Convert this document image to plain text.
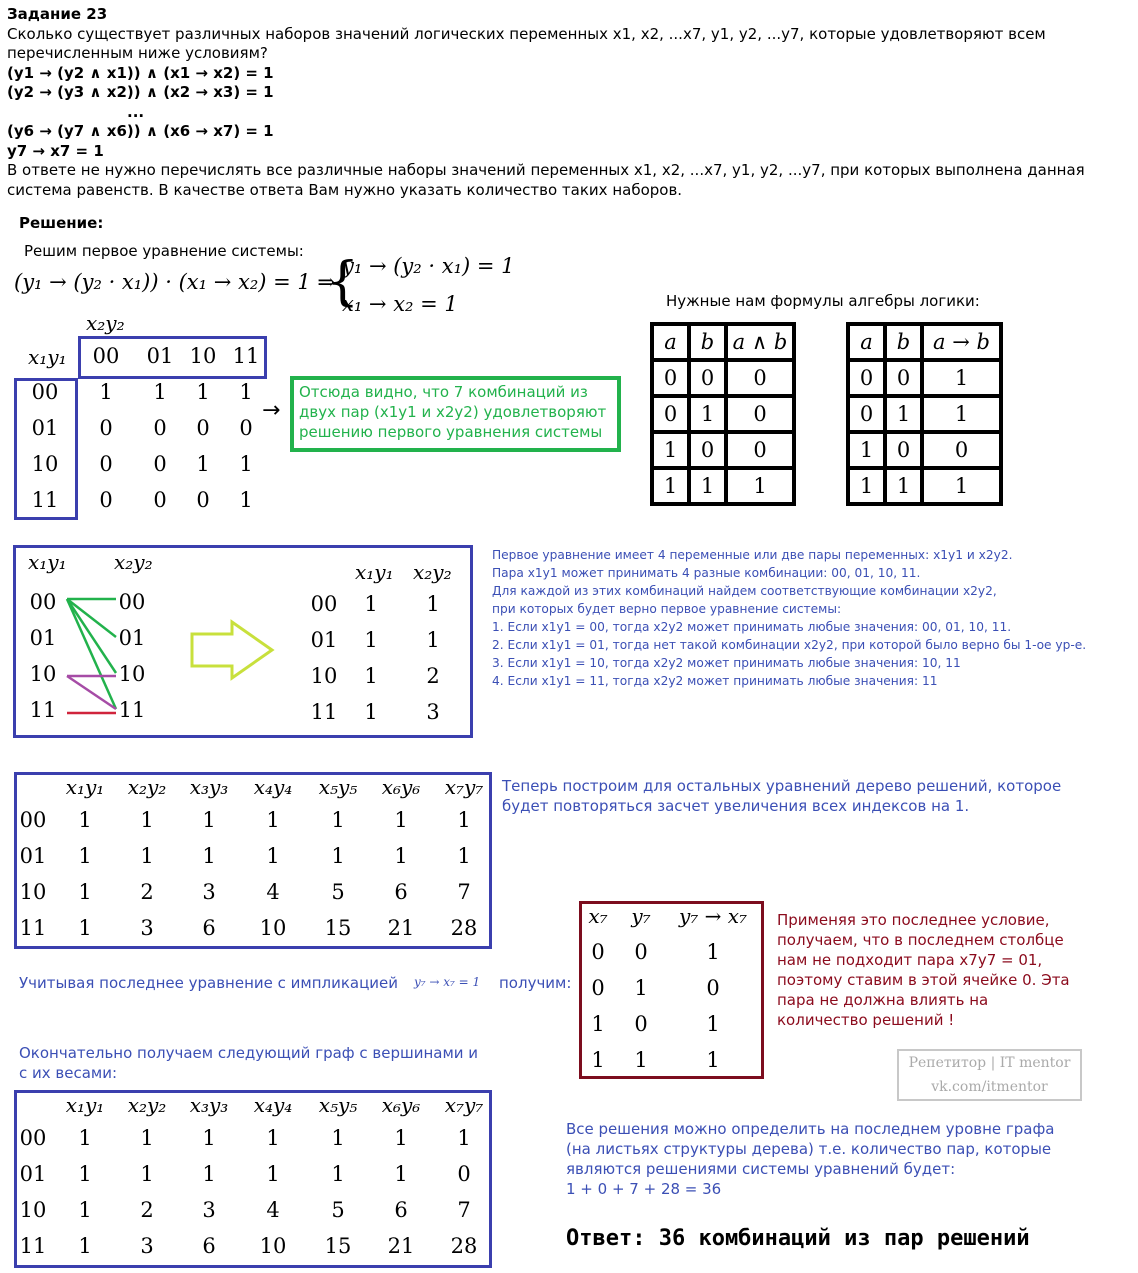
Задание 23
Сколько существует различных наборов значений логических переменных x1, x2, ...x7, y1, y2, ...y7, которые удовлетворяют всем перечисленным ниже условиям?
(y1 → (y2 ∧ x1)) ∧ (x1 → x2) = 1
(y2 → (y3 ∧ x2)) ∧ (x2 → x3) = 1
...
(y6 → (y7 ∧ x6)) ∧ (x6 → x7) = 1
y7 → x7 = 1
В ответе не нужно перечислять все различные наборы значений переменных x1, x2, ...x7, y1, y2, ...y7, при которых выполнена данная система равенств. В качестве ответа Вам нужно указать количество таких наборов.
Решение:
Решим первое уравнение системы:
(y₁ → (y₂ · x₁)) · (x₁ → x₂) = 1 ⇒
{
y₁ → (y₂ · x₁) = 1
x₁ → x₂ = 1	Нужные нам формулы алгебры логики:
x₂y₂
x₁y₁	00	01 10 11
00	1	1	1	1
01	0	0	0	0
10	0	0	1	1
11	0	0	0	1
→
Отсюда видно, что 7 комбинаций из двух пар (x1y1 и x2y2) удовлетворяют решению первого уравнения системы
a	b	a ∧ b
0	0	0
0	1	0
1	0	0
1	1	1
a	b	a → b
0	0	1
0	1	1
1	0	0
1	1	1
x₁y₁ x₂y₂
00	00
01	01
10	10
11	11
x₁y₁ x₂y₂
00	1	1
01	1	1
10	1	2
11	1	3
Первое уравнение имеет 4 переменные или две пары переменных: x1y1 и x2y2.
Пара x1y1 может принимать 4 разные комбинации: 00, 01, 10, 11.
Для каждой из этих комбинаций найдем соответствующие комбинации x2y2,
при которых будет верно первое уравнение системы:
1. Если x1y1 = 00, тогда x2y2 может принимать любые значения: 00, 01, 10, 11.
2. Если x1y1 = 01, тогда нет такой комбинации x2y2, при которой было верно бы 1-ое ур-е.
3. Если x1y1 = 10, тогда x2y2 может принимать любые значения: 10, 11
4. Если x1y1 = 11, тогда x2y2 может принимать любые значения: 11
x₁y₁	x₂y₂	x₃y₃	x₄y₄	x₅y₅	x₆y₆	x₇y₇
00	1	1	1	1	1	1	1
01	1	1	1	1	1	1	1
10	1	2	3	4	5	6	7
11	1	3	6	10	15	21	28
Теперь построим для остальных уравнений дерево решений, которое будет повторяться засчет увеличения всех индексов на 1.
Учитывая последнее уравнение с импликацией y₇ → x₇ = 1 получим:
x₇	y₇	y₇ → x₇
0	0	1
0	1	0
1	0	1
1	1	1
Применяя это последнее условие, получаем, что в последнем столбце нам не подходит пара x7y7 = 01, поэтому ставим в этой ячейке 0. Эта пара не должна влиять на количество решений !
Репетитор | IT mentor
vk.com/itmentor
Окончательно получаем следующий граф с вершинами и с их весами:
x₁y₁	x₂y₂	x₃y₃	x₄y₄	x₅y₅	x₆y₆	x₇y₇
00	1	1	1	1	1	1	1
01	1	1	1	1	1	1	0
10	1	2	3	4	5	6	7
11	1	3	6	10	15	21	28
Все решения можно определить на последнем уровне графа (на листьях структуры дерева) т.е. количество пар, которые являются решениями системы уравнений будет:
1 + 0 + 7 + 28 = 36
Ответ: 36 комбинаций из пар решений
